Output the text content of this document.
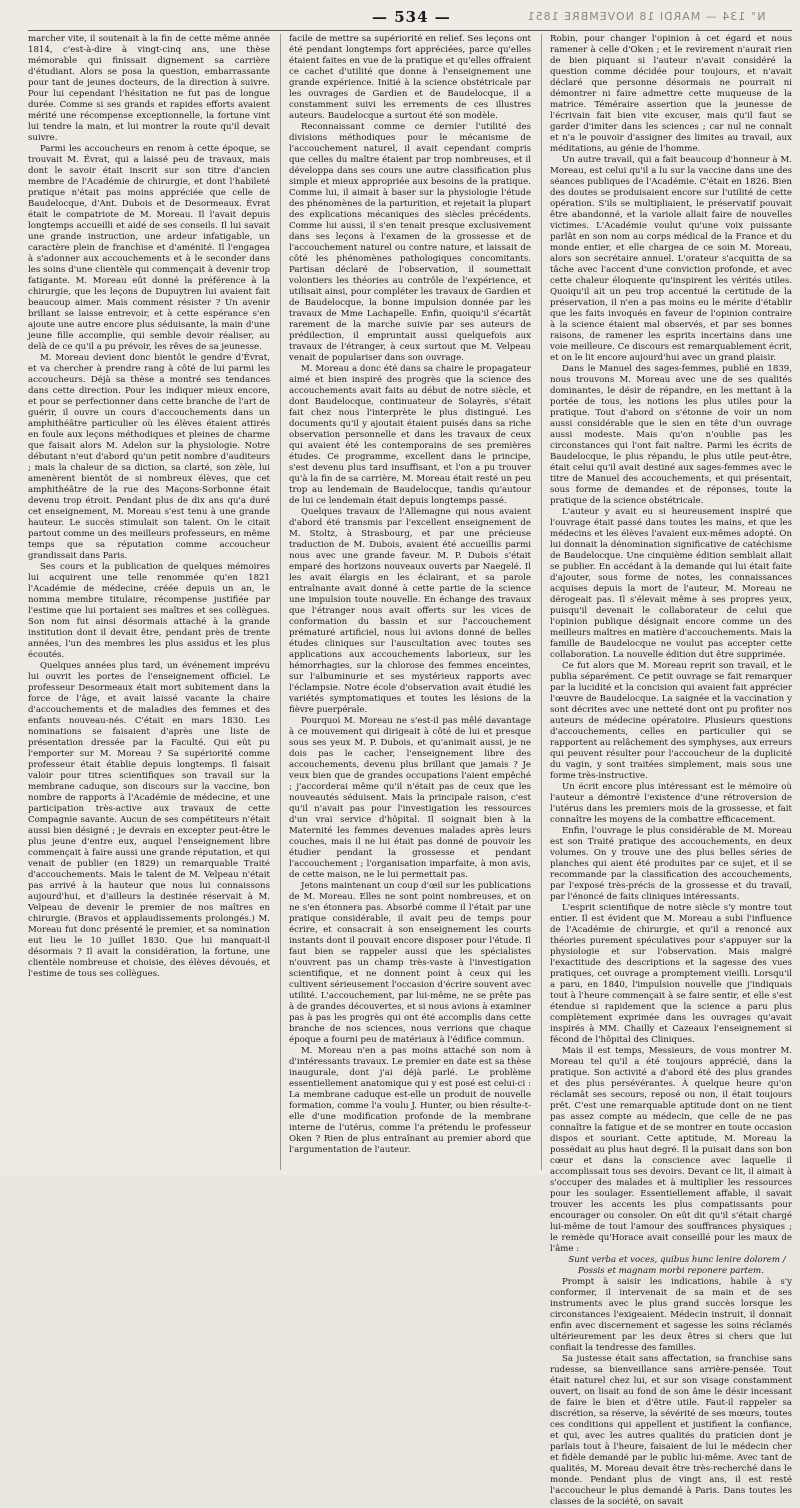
— 534 —	N° 134 — MARDI 18 NOVEMBRE 1851

marcher vite, il soutenait à la fin de cette même année 1814, c'est-à-dire à vingt-cinq ans, une thèse mémorable qui finissait dignement sa carrière d'étudiant. Alors se posa la question, embarrassante pour tant de jeunes docteurs, de la direction à suivre. Pour lui cependant l'hésitation ne fut pas de longue durée. Comme si ses grands et rapides efforts avaient mérité une récompense exceptionnelle, la fortune vint lui tendre la main, et lui montrer la route qu'il devait suivre.

Parmi les accoucheurs en renom à cette époque, se trouvait M. Évrat, qui a laissé peu de travaux, mais dont le savoir était inscrit sur son titre d'ancien membre de l'Académie de chirurgie, et dont l'habileté pratique n'était pas moins appréciée que celle de Baudelocque, d'Ant. Dubois et de Desormeaux. Évrat était le compatriote de M. Moreau. Il l'avait depuis longtemps accueilli et aidé de ses conseils. Il lui savait une grande instruction, une ardeur infatigable, un caractère plein de franchise et d'aménité. Il l'engagea à s'adonner aux accouchements et à le seconder dans les soins d'une clientèle qui commençait à devenir trop fatigante. M. Moreau eût donné la préférence à la chirurgie, que les leçons de Dupuytren lui avaient fait beaucoup aimer. Mais comment résister ? Un avenir brillant se laisse entrevoir, et à cette espérance s'en ajoute une autre encore plus séduisante, la main d'une jeune fille accomplie, qui semble devoir réaliser, au delà de ce qu'il a pu prévoir, les rêves de sa jeunesse.

M. Moreau devient donc bientôt le gendre d'Évrat, et va chercher à prendre rang à côté de lui parmi les accoucheurs. Déjà sa thèse a montré ses tendances dans cette direction. Pour les indiquer mieux encore, et pour se perfectionner dans cette branche de l'art de guérir, il ouvre un cours d'accouchements dans un amphithéâtre particulier où les élèves étaient attirés en foule aux leçons méthodiques et pleines de charme que faisait alors M. Adelon sur la physiologie. Notre débutant n'eut d'abord qu'un petit nombre d'auditeurs ; mais la chaleur de sa diction, sa clarté, son zèle, lui amenèrent bientôt de si nombreux élèves, que cet amphithéâtre de la rue des Maçons-Sorbonne était devenu trop étroit. Pendant plus de dix ans qu'a duré cet enseignement, M. Moreau s'est tenu à une grande hauteur. Le succès stimulait son talent. On le citait partout comme un des meilleurs professeurs, en même temps que sa réputation comme accoucheur grandissait dans Paris.

Ses cours et la publication de quelques mémoires lui acquirent une telle renommée qu'en 1821 l'Académie de médecine, créée depuis un an, le nomma membre titulaire, récompense justifiée par l'estime que lui portaient ses maîtres et ses collègues. Son nom fut ainsi désormais attaché à la grande institution dont il devait être, pendant près de trente années, l'un des membres les plus assidus et les plus écoutés.

Quelques années plus tard, un événement imprévu lui ouvrit les portes de l'enseignement officiel. Le professeur Desormeaux était mort subitement dans la force de l'âge, et avait laissé vacante la chaire d'accouchements et de maladies des femmes et des enfants nouveau-nés. C'était en mars 1830. Les nominations se faisaient d'après une liste de présentation dressée par la Faculté. Qui eût pu l'emporter sur M. Moreau ? Sa supériorité comme professeur était établie depuis longtemps. Il faisait valoir pour titres scientifiques son travail sur la membrane caduque, son discours sur la vaccine, bon nombre de rapports à l'Académie de médecine, et une participation très-active aux travaux de cette Compagnie savante. Aucun de ses compétiteurs n'était aussi bien désigné ; je devrais en excepter peut-être le plus jeune d'entre eux, auquel l'enseignement libre commençait à faire aussi une grande réputation, et qui venait de publier (en 1829) un remarquable Traité d'accouchements. Mais le talent de M. Velpeau n'était pas arrivé à la hauteur que nous lui connaissons aujourd'hui, et d'ailleurs la destinée réservait à M. Velpeau de devenir le premier de nos maîtres en chirurgie. (Bravos et applaudissements prolongés.) M. Moreau fut donc présenté le premier, et sa nomination eut lieu le 10 juillet 1830. Que lui manquait-il désormais ? Il avait la considération, la fortune, une clientèle nombreuse et choisie, des élèves dévoués, et l'estime de tous ses collègues.

facile de mettre sa supériorité en relief. Ses leçons ont été pendant longtemps fort appréciées, parce qu'elles étaient faites en vue de la pratique et qu'elles offraient ce cachet d'utilité que donne à l'enseignement une grande expérience. Initié à la science obstétricale par les ouvrages de Gardien et de Baudelocque, il a constamment suivi les errements de ces illustres auteurs. Baudelocque a surtout été son modèle.

Reconnaissant comme ce dernier l'utilité des divisions méthodiques pour le mécanisme de l'accouchement naturel, il avait cependant compris que celles du maître étaient par trop nombreuses, et il développa dans ses cours une autre classification plus simple et mieux appropriée aux besoins de la pratique. Comme lui, il aimait à baser sur la physiologie l'étude des phénomènes de la parturition, et rejetait la plupart des explications mécaniques des siècles précédents. Comme lui aussi, il s'en tenait presque exclusivement dans ses leçons à l'examen de la grossesse et de l'accouchement naturel ou contre nature, et laissait de côté les phénomènes pathologiques concomitants. Partisan déclaré de l'observation, il soumettait volontiers les théories au contrôle de l'expérience, et utilisait ainsi, pour compléter les travaux de Gardien et de Baudelocque, la bonne impulsion donnée par les travaux de Mme Lachapelle. Enfin, quoiqu'il s'écartât rarement de la marche suivie par ses auteurs de prédilection, il empruntait aussi quelquefois aux travaux de l'étranger, à ceux surtout que M. Velpeau venait de populariser dans son ouvrage.

M. Moreau a donc été dans sa chaire le propagateur aimé et bien inspiré des progrès que la science des accouchements avait faits au début de notre siècle, et dont Baudelocque, continuateur de Solayrès, s'était fait chez nous l'interprète le plus distingué. Les documents qu'il y ajoutait étaient puisés dans sa riche observation personnelle et dans les travaux de ceux qui avaient été les contemporains de ses premières études. Ce programme, excellent dans le principe, s'est devenu plus tard insuffisant, et l'on a pu trouver qu'à la fin de sa carrière, M. Moreau était resté un peu trop au lendemain de Baudelocque, tandis qu'autour de lui ce lendemain était depuis longtemps passé.

Quelques travaux de l'Allemagne qui nous avaient d'abord été transmis par l'excellent enseignement de M. Stoltz, à Strasbourg, et par une précieuse traduction de M. Dubois, avaient été accueillis parmi nous avec une grande faveur. M. P. Dubois s'était emparé des horizons nouveaux ouverts par Naegelé. Il les avait élargis en les éclairant, et sa parole entraînante avait donné à cette partie de la science une impulsion toute nouvelle. En échange des travaux que l'étranger nous avait offerts sur les vices de conformation du bassin et sur l'accouchement prématuré artificiel, nous lui avions donné de belles études cliniques sur l'auscultation avec toutes ses applications aux accouchements laborieux, sur les hémorrhagies, sur la chlorose des femmes enceintes, sur l'albuminurie et ses mystérieux rapports avec l'éclampsie. Notre école d'observation avait étudié les variétés symptomatiques et toutes les lésions de la fièvre puerpérale.

Pourquoi M. Moreau ne s'est-il pas mêlé davantage à ce mouvement qui dirigeait à côté de lui et presque sous ses yeux M. P. Dubois, et qu'animait aussi, je ne dois pas le cacher, l'enseignement libre des accouchements, devenu plus brillant que jamais ? Je veux bien que de grandes occupations l'aient empêché ; j'accorderai même qu'il n'était pas de ceux que les nouveautés séduisent. Mais la principale raison, c'est qu'il n'avait pas pour l'investigation les ressources d'un vrai service d'hôpital. Il soignait bien à la Maternité les femmes devenues malades après leurs couches, mais il ne lui était pas donné de pouvoir les étudier pendant la grossesse et pendant l'accouchement ; l'organisation imparfaite, à mon avis, de cette maison, ne le lui permettait pas.

Jetons maintenant un coup d'œil sur les publications de M. Moreau. Elles ne sont point nombreuses, et on ne s'en étonnera pas. Absorbé comme il l'était par une pratique considérable, il avait peu de temps pour écrire, et consacrait à son enseignement les courts instants dont il pouvait encore disposer pour l'étude. Il faut bien se rappeler aussi que les spécialistes n'ouvrent pas un champ très-vaste à l'investigation scientifique, et ne donnent point à ceux qui les cultivent sérieusement l'occasion d'écrire souvent avec utilité. L'accouchement, par lui-même, ne se prête pas à de grandes découvertes, et si nous avions à examiner pas à pas les progrès qui ont été accomplis dans cette branche de nos sciences, nous verrions que chaque époque a fourni peu de matériaux à l'édifice commun.

M. Moreau n'en a pas moins attaché son nom à d'intéressants travaux. Le premier en date est sa thèse inaugurale, dont j'ai déjà parlé. Le problème essentiellement anatomique qui y est posé est celui-ci : La membrane caduque est-elle un produit de nouvelle formation, comme l'a voulu J. Hunter, ou bien résulte-t-elle d'une modification profonde de la membrane interne de l'utérus, comme l'a prétendu le professeur Oken ? Rien de plus entraînant au premier abord que l'argumentation de l'auteur.

Robin, pour changer l'opinion à cet égard et nous ramener à celle d'Oken ; et le revirement n'aurait rien de bien piquant si l'auteur n'avait considéré la question comme décidée pour toujours, et n'avait déclaré que personne désormais ne pourrait ni démontrer ni faire admettre cette muqueuse de la matrice. Téméraire assertion que la jeunesse de l'écrivain fait bien vite excuser, mais qu'il faut se garder d'imiter dans les sciences ; car nul ne connaît et n'a le pouvoir d'assigner des limites au travail, aux méditations, au génie de l'homme.

Un autre travail, qui a fait beaucoup d'honneur à M. Moreau, est celui qu'il a lu sur la vaccine dans une des séances publiques de l'Académie. C'était en 1826. Bien des doutes se produisaient encore sur l'utilité de cette opération. S'ils se multipliaient, le préservatif pouvait être abandonné, et la variole allait faire de nouvelles victimes. L'Académie voulut qu'une voix puissante parlât en son nom au corps médical de la France et du monde entier, et elle chargea de ce soin M. Moreau, alors son secrétaire annuel. L'orateur s'acquitta de sa tâche avec l'accent d'une conviction profonde, et avec cette chaleur éloquente qu'inspirent les vérités utiles. Quoiqu'il ait un peu trop accentué la certitude de la préservation, il n'en a pas moins eu le mérite d'établir que les faits invoqués en faveur de l'opinion contraire à la science étaient mal observés, et par ses bonnes raisons, de ramener les esprits incertains dans une voie meilleure. Ce discours est remarquablement écrit, et on le lit encore aujourd'hui avec un grand plaisir.

Dans le Manuel des sages-femmes, publié en 1839, nous trouvons M. Moreau avec une de ses qualités dominantes, le désir de répandre, en les mettant à la portée de tous, les notions les plus utiles pour la pratique. Tout d'abord on s'étonne de voir un nom aussi considérable que le sien en tête d'un ouvrage aussi modeste. Mais qu'on n'oublie pas les circonstances qui l'ont fait naître. Parmi les écrits de Baudelocque, le plus répandu, le plus utile peut-être, était celui qu'il avait destiné aux sages-femmes avec le titre de Manuel des accouchements, et qui présentait, sous forme de demandes et de réponses, toute la pratique de la science obstétricale.

L'auteur y avait eu si heureusement inspiré que l'ouvrage était passé dans toutes les mains, et que les médecins et les élèves l'avaient eux-mêmes adopté. On lui donnait la dénomination significative de catéchisme de Baudelocque. Une cinquième édition semblait allait se publier. En accédant à la demande qui lui était faite d'ajouter, sous forme de notes, les connaissances acquises depuis la mort de l'auteur, M. Moreau ne dérogeait pas. Il s'élevait même à ses propres yeux, puisqu'il devenait le collaborateur de celui que l'opinion publique désignait encore comme un des meilleurs maîtres en matière d'accouchements. Mais la famille de Baudelocque ne voulut pas accepter cette collaboration. La nouvelle édition dut être supprimée.

Ce fut alors que M. Moreau reprit son travail, et le publia séparément. Ce petit ouvrage se fait remarquer par la lucidité et la concision qui avaient fait apprécier l'œuvre de Baudelocque. La saignée et la vaccination y sont décrites avec une netteté dont ont pu profiter nos auteurs de médecine opératoire. Plusieurs questions d'accouchements, celles en particulier qui se rapportent au relâchement des symphyses, aux erreurs qui peuvent résulter pour l'accoucheur de la duplicité du vagin, y sont traitées simplement, mais sous une forme très-instructive.

Un écrit encore plus intéressant est le mémoire où l'auteur a démontré l'existence d'une rétroversion de l'utérus dans les premiers mois de la grossesse, et fait connaître les moyens de la combattre efficacement.

Enfin, l'ouvrage le plus considérable de M. Moreau est son Traité pratique des accouchements, en deux volumes. On y trouve une des plus belles séries de planches qui aient été produites par ce sujet, et il se recommande par la classification des accouchements, par l'exposé très-précis de la grossesse et du travail, par l'énoncé de faits cliniques intéressants.

L'esprit scientifique de notre siècle s'y montre tout entier. Il est évident que M. Moreau a subi l'influence de l'Académie de chirurgie, et qu'il a renoncé aux théories purement spéculatives pour s'appuyer sur la physiologie et sur l'observation. Mais malgré l'exactitude des descriptions et la sagesse des vues pratiques, cet ouvrage a promptement vieilli. Lorsqu'il a paru, en 1840, l'impulsion nouvelle que j'indiquais tout à l'heure commençait à se faire sentir, et elle s'est étendue si rapidement que la science a paru plus complètement exprimée dans les ouvrages qu'avait inspirés à MM. Chailly et Cazeaux l'enseignement si fécond de l'hôpital des Cliniques.

Mais il est temps, Messieurs, de vous montrer M. Moreau tel qu'il a été toujours apprécié, dans la pratique. Son activité a d'abord été des plus grandes et des plus persévérantes. À quelque heure qu'on réclamât ses secours, reposé ou non, il était toujours prêt. C'est une remarquable aptitude dont on ne tient pas assez compte au médecin, que celle de ne pas connaître la fatigue et de se montrer en toute occasion dispos et souriant. Cette aptitude, M. Moreau la possédait au plus haut degré. Il la puisait dans son bon cœur et dans la conscience avec laquelle il accomplissait tous ses devoirs. Devant ce lit, il aimait à s'occuper des malades et à multiplier les ressources pour les soulager. Essentiellement affable, il savait trouver les accents les plus compatissants pour encourager ou consoler. On eût dit qu'il s'était chargé lui-même de tout l'amour des souffrances physiques ; le remède qu'Horace avait conseillé pour les maux de l'âme :

Sunt verba et voces, quibus hunc lenire dolorem / Possis et magnam morbi reponere partem.

Prompt à saisir les indications, habile à s'y conformer, il intervenait de sa main et de ses instruments avec le plus grand succès lorsque les circonstances l'exigeaient. Médecin instruit, il donnait enfin avec discernement et sagesse les soins réclamés ultérieurement par les deux êtres si chers que lui confiait la tendresse des familles.

Sa justesse était sans affectation, sa franchise sans rudesse, sa bienveillance sans arrière-pensée. Tout était naturel chez lui, et sur son visage constamment ouvert, on lisait au fond de son âme le désir incessant de faire le bien et d'être utile. Faut-il rappeler sa discrétion, sa réserve, la sévérité de ses mœurs, toutes ces conditions qui appellent et justifient la confiance, et qui, avec les autres qualités du praticien dont je parlais tout à l'heure, faisaient de lui le médecin cher et fidèle demandé par le public lui-même. Avec tant de qualités, M. Moreau devait être très-recherché dans le monde. Pendant plus de vingt ans, il est resté l'accoucheur le plus demandé à Paris. Dans toutes les classes de la société, on savait
